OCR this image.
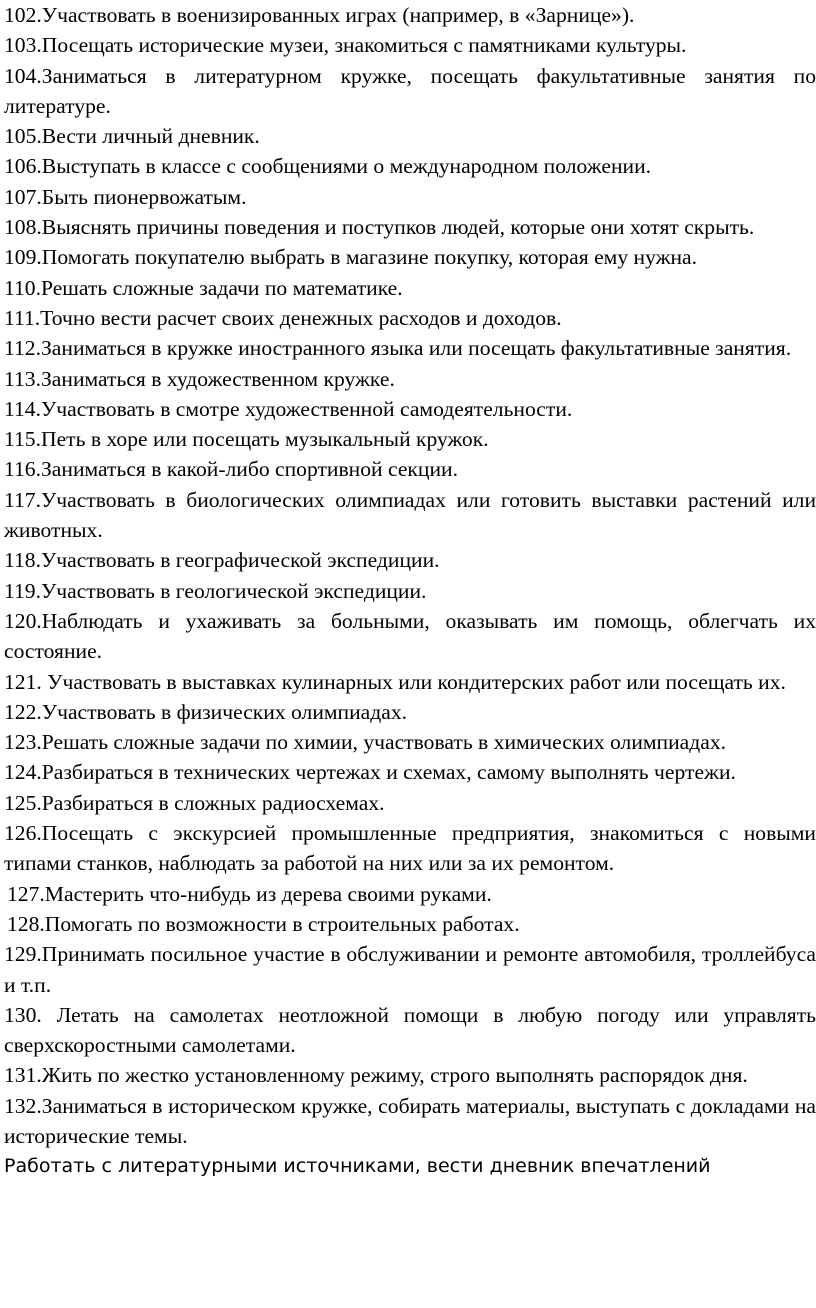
102.Участвовать в военизированных играх (например, в «Зарнице»).

103.Посещать исторические музеи, знакомиться с памятниками культуры.

104.Заниматься в литературном кружке, посещать факультативные занятия по литературе.

105.Вести личный дневник.

106.Выступать в классе с сообщениями о международном положении.

107.Быть пионервожатым.

108.Выяснять причины поведения и поступков людей, которые они хотят скрыть.

109.Помогать покупателю выбрать в магазине покупку, которая ему нужна.

110.Решать сложные задачи по математике.

111.Точно вести расчет своих денежных расходов и доходов.

112.Заниматься в кружке иностранного языка или посещать факультативные занятия.

113.Заниматься в художественном кружке.

114.Участвовать в смотре художественной самодеятельности.

115.Петь в хоре или посещать музыкальный кружок.

116.Заниматься в какой-либо спортивной секции.

117.Участвовать в биологических олимпиадах или готовить выставки растений или животных.

118.Участвовать в географической экспедиции.

119.Участвовать в геологической экспедиции.

120.Наблюдать и ухаживать за больными, оказывать им помощь, облегчать их состояние.

121. Участвовать в выставках кулинарных или кондитерских работ или посещать их.

122.Участвовать в физических олимпиадах.

123.Решать сложные задачи по химии, участвовать в химических олимпиадах.

124.Разбираться в технических чертежах и схемах, самому выполнять чертежи.

125.Разбираться в сложных радиосхемах.

126.Посещать с экскурсией промышленные предприятия, знакомиться с новыми типами станков, наблюдать за работой на них или за их ремонтом.

127.Мастерить что-нибудь из дерева своими руками.

128.Помогать по возможности в строительных работах.

129.Принимать посильное участие в обслуживании и ремонте автомобиля, троллейбуса и т.п.

130. Летать на самолетах неотложной помощи в любую погоду или управлять сверхскоростными самолетами.

131.Жить по жестко установленному режиму, строго выполнять распорядок дня.

132.Заниматься в историческом кружке, собирать материалы, выступать с докладами на исторические темы.

Работать с литературными источниками, вести дневник впечатлений
